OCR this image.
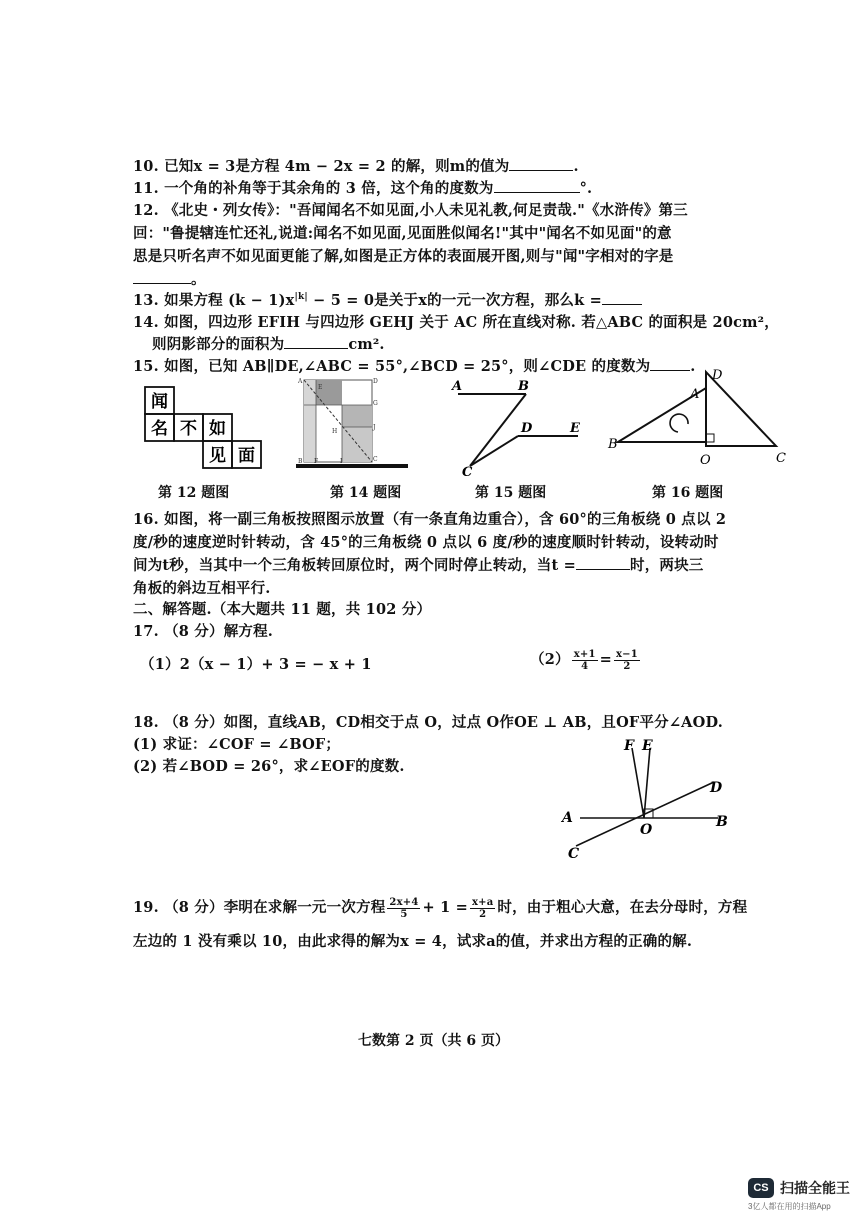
10. 已知x = 3是方程 4m − 2x = 2 的解，则m的值为	.
11. 一个角的补角等于其余角的 3 倍，这个角的度数为	°.
12. 《北史・列女传》："吾闻闻名不如见面,小人未见礼教,何足责哉."《水浒传》第三
回："鲁提辖连忙还礼,说道:闻名不如见面,见面胜似闻名!"其中"闻名不如见面"的意
思是只听名声不如见面更能了解,如图是正方体的表面展开图,则与"闻"字相对的字是
。
13. 如果方程 $(k - 1)x^{|k|} - 5 = 0$是关于x的一元一次方程，那么k =
14. 如图，四边形 EFIH 与四边形 GEHJ 关于 AC 所在直线对称. 若△ABC 的面积是 20cm²，
则阴影部分的面积为	cm².
15. 如图，已知 AB∥DE,∠ABC = 55°,∠BCD = 25°，则∠CDE 的度数为	.
闻
名 不 如
见 面
第 12 题图
A
E
G
D
H
J
B F	I	C
第 14 题图
A	B
D	E
C
第 15 题图
D
A
B
O	C
第 16 题图
16. 如图，将一副三角板按照图示放置（有一条直角边重合），含 60°的三角板绕 0 点以 2
度/秒的速度逆时针转动，含 45°的三角板绕 0 点以 6 度/秒的速度顺时针转动，设转动时
间为t秒，当其中一个三角板转回原位时，两个同时停止转动，当t =	时，两块三
角板的斜边互相平行.
二、解答题.（本大题共 11 题，共 102 分）
17. （8 分）解方程.
（1）2（x − 1）+ 3 = − x + 1	$(2) \frac{x+1}{4} = \frac{x-1}{2}$
18. （8 分）如图，直线AB，CD相交于点 O，过点 O作OE ⊥ AB，且OF平分∠AOD.
(1) 求证：∠COF = ∠BOF；
(2) 若∠BOD = 26°，求∠EOF的度数.
F E
D
A
O	B
C
19. （8 分）李明在求解一元一次方程 $\frac{2x+4}{5} + 1 = \frac{x+a}{2}$ 时，由于粗心大意，在去分母时，方程
左边的 1 没有乘以 10，由此求得的解为x = 4，试求a的值，并求出方程的正确的解.
七数第 2 页（共 6 页）
CS 扫描全能王
3亿人都在用的扫描App
